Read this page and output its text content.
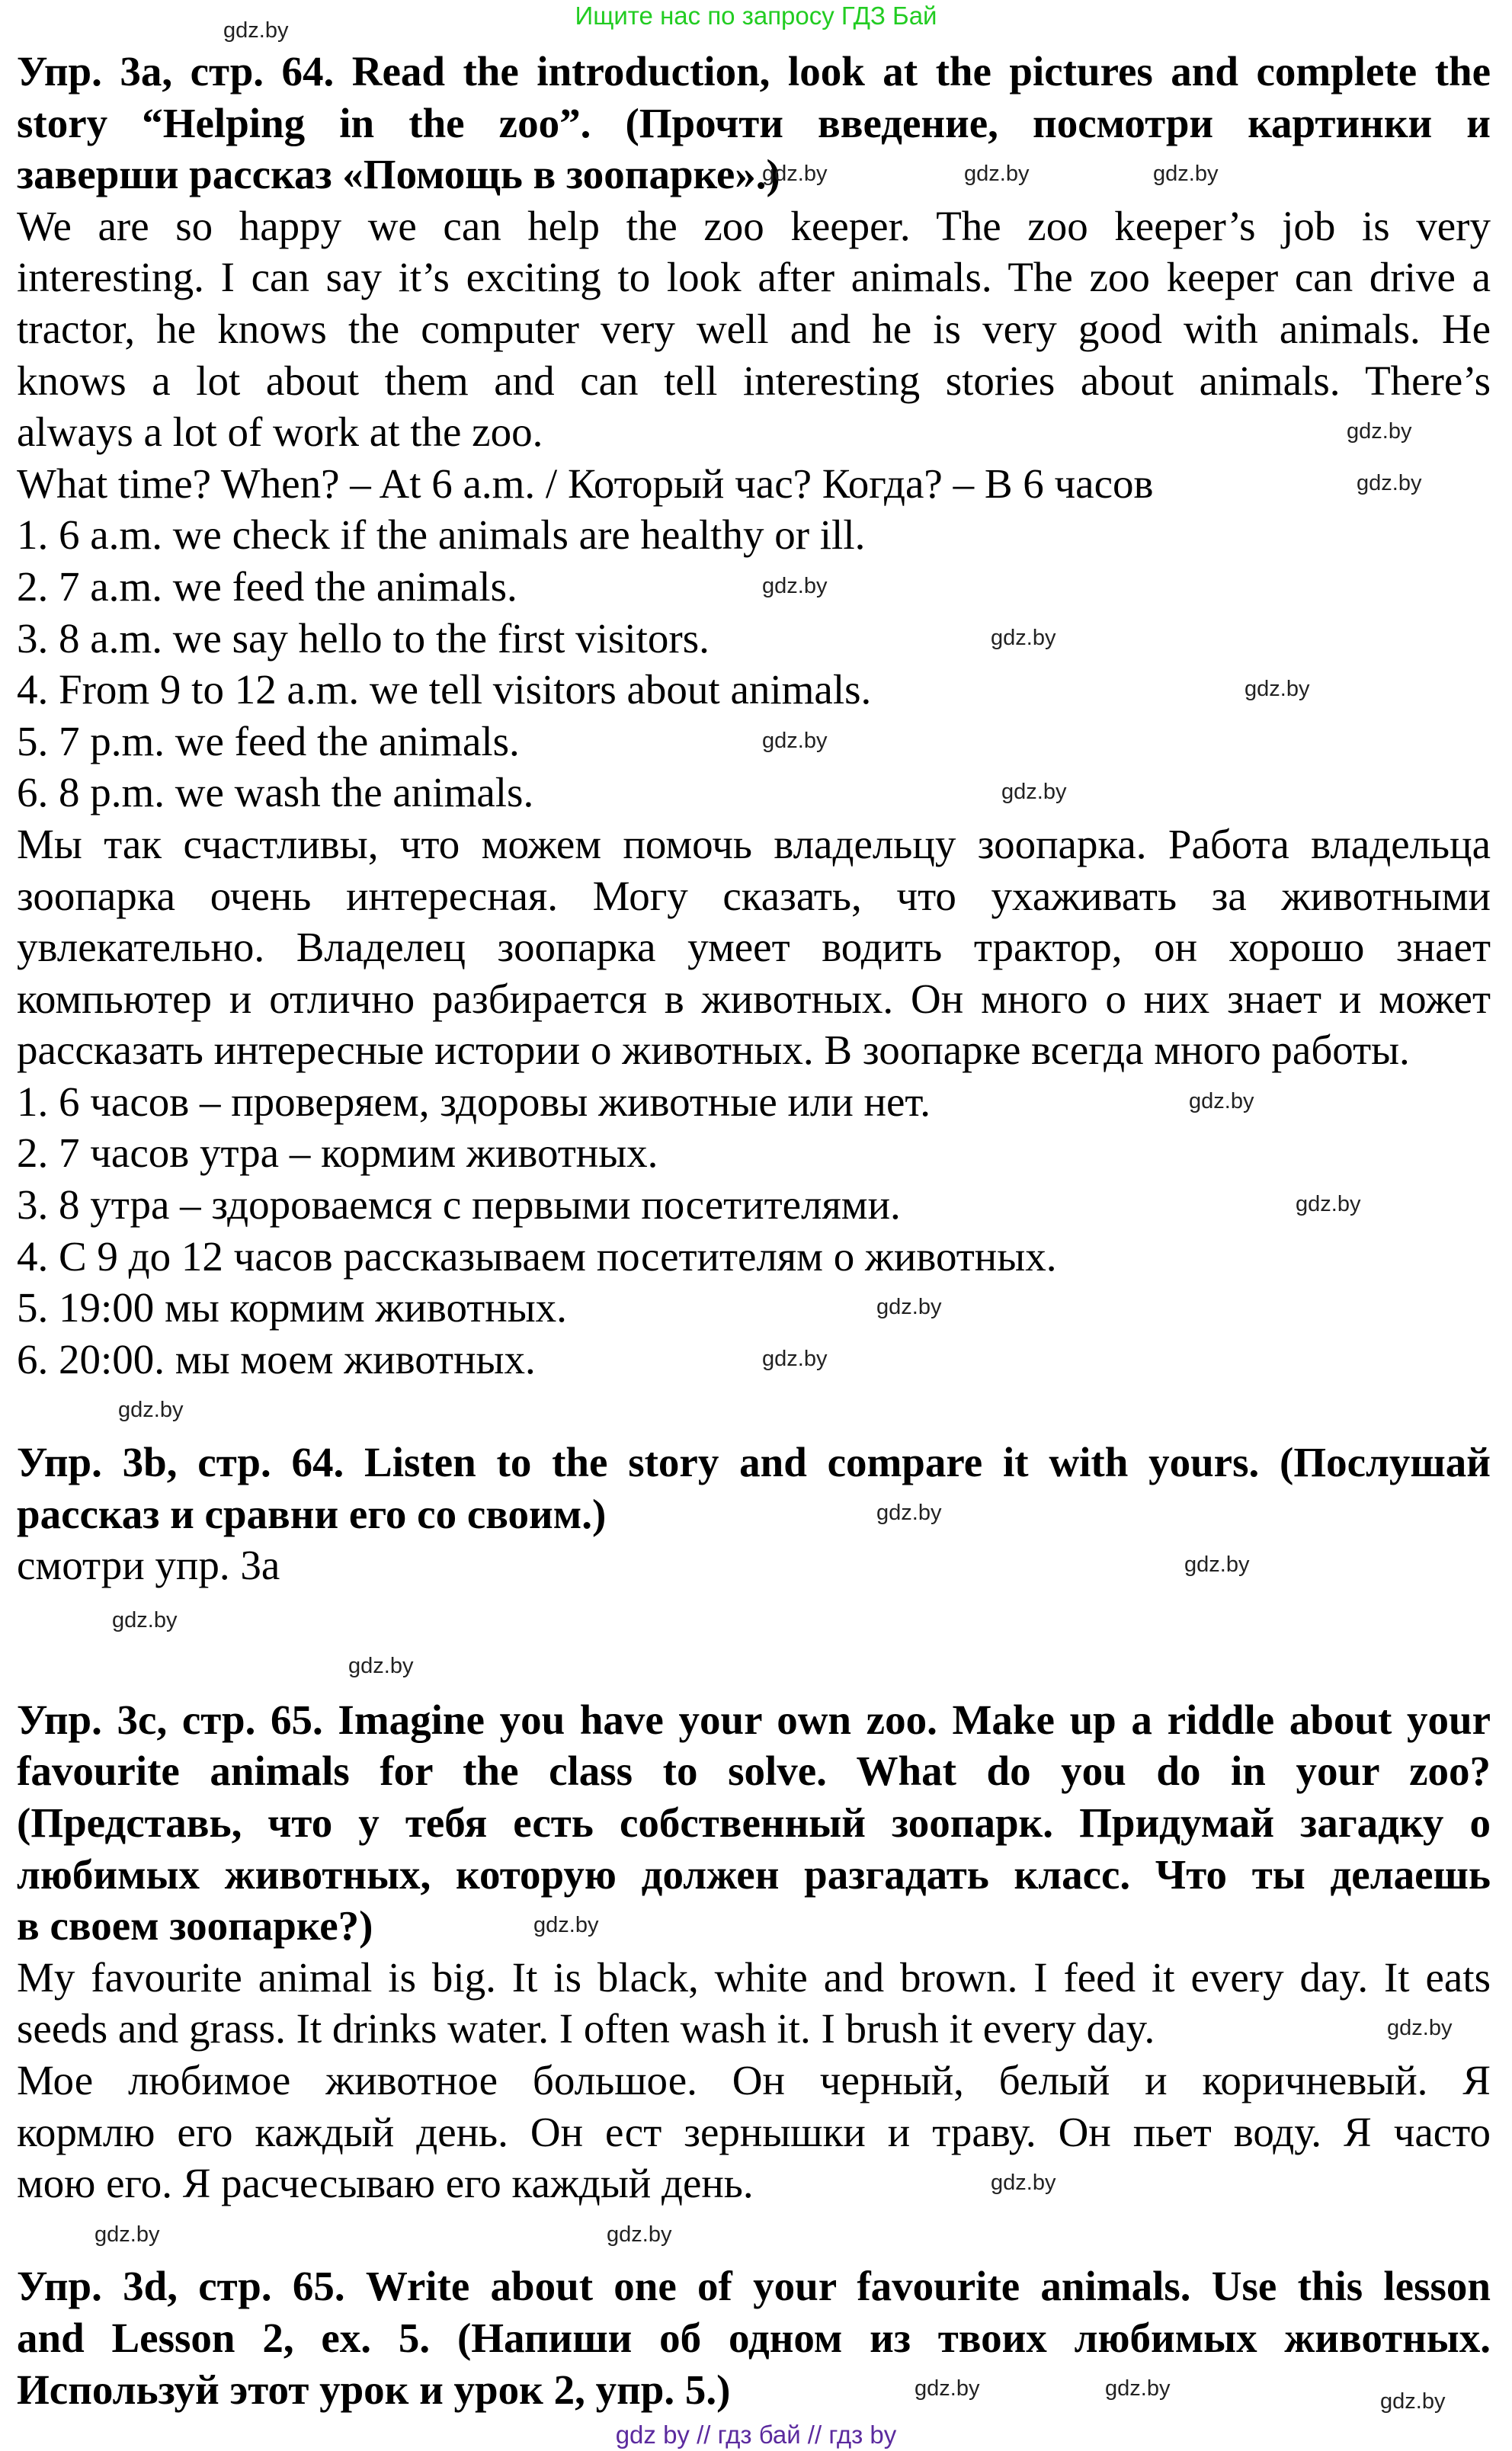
Ищите нас по запросу ГДЗ Бай
Упр. 3a, стр. 64. Read the introduction, look at the pictures and complete the
story “Helping in the zoo”. (Прочти введение, посмотри картинки и
заверши рассказ «Помощь в зоопарке».)
We are so happy we can help the zoo keeper. The zoo keeper’s job is very
interesting. I can say it’s exciting to look after animals. The zoo keeper can drive a
tractor, he knows the computer very well and he is very good with animals. He
knows a lot about them and can tell interesting stories about animals. There’s
always a lot of work at the zoo.
What time? When? – At 6 a.m. / Который час? Когда? – В 6 часов
1. 6 a.m. we check if the animals are healthy or ill.
2. 7 a.m. we feed the animals.
3. 8 a.m. we say hello to the first visitors.
4. From 9 to 12 a.m. we tell visitors about animals.
5. 7 p.m. we feed the animals.
6. 8 p.m. we wash the animals.
Мы так счастливы, что можем помочь владельцу зоопарка. Работа владельца
зоопарка очень интересная. Могу сказать, что ухаживать за животными
увлекательно. Владелец зоопарка умеет водить трактор, он хорошо знает
компьютер и отлично разбирается в животных. Он много о них знает и может
рассказать интересные истории о животных. В зоопарке всегда много работы.
1. 6 часов – проверяем, здоровы животные или нет.
2. 7 часов утра – кормим животных.
3. 8 утра – здороваемся с первыми посетителями.
4. С 9 до 12 часов рассказываем посетителям о животных.
5. 19:00 мы кормим животных.
6. 20:00. мы моем животных.
Упр. 3b, стр. 64. Listen to the story and compare it with yours. (Послушай
рассказ и сравни его со своим.)
смотри упр. 3a
Упр. 3c, стр. 65. Imagine you have your own zoo. Make up a riddle about your
favourite animals for the class to solve. What do you do in your zoo?
(Представь, что у тебя есть собственный зоопарк. Придумай загадку о
любимых животных, которую должен разгадать класс. Что ты делаешь
в своем зоопарке?)
My favourite animal is big. It is black, white and brown. I feed it every day. It eats
seeds and grass. It drinks water. I often wash it. I brush it every day.
Мое любимое животное большое. Он черный, белый и коричневый. Я
кормлю его каждый день. Он ест зернышки и траву. Он пьет воду. Я часто
мою его. Я расчесываю его каждый день.
Упр. 3d, стр. 65. Write about one of your favourite animals. Use this lesson
and Lesson 2, ex. 5. (Напиши об одном из твоих любимых животных.
Используй этот урок и урок 2, упр. 5.)
gdz.by
gdz.by	gdz.by	gdz.by
gdz.by
gdz.by
gdz.by
gdz.by
gdz.by
gdz.by
gdz.by
gdz.by
gdz.by
gdz.by
gdz.by
gdz.by
gdz.by
gdz.by
gdz.by
gdz.by
gdz.by
gdz.by
gdz.by
gdz.by	gdz.by
gdz.by
gdz.by
gdz.by
gdz by // гдз бай // гдз by
